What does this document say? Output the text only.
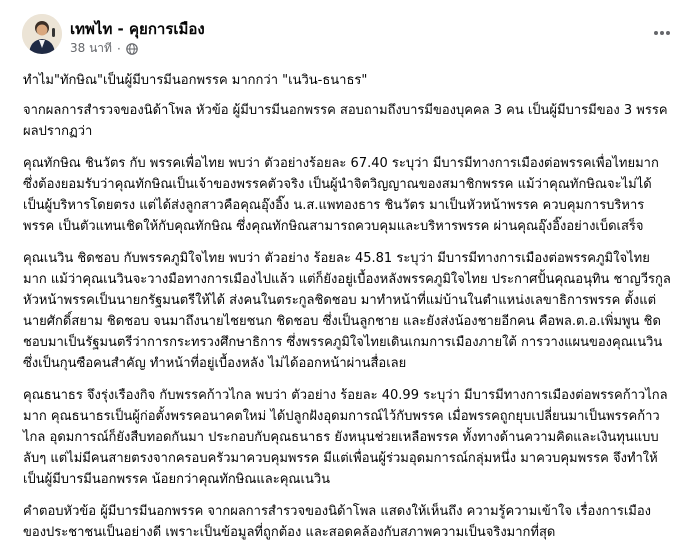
เทพไท - คุยการเมือง
38 นาที ·

ทำไม"ทักษิณ"เป็นผู้มีบารมีนอกพรรค มากกว่า "เนวิน-ธนาธร"

จากผลการสำรวจของนิด้าโพล หัวข้อ ผู้มีบารมีนอกพรรค สอบถามถึงบารมีของบุคคล 3 คน เป็นผู้มีบารมีของ 3 พรรค ผลปรากฏว่า

คุณทักษิณ ชินวัตร กับ พรรคเพื่อไทย พบว่า ตัวอย่างร้อยละ 67.40 ระบุว่า มีบารมีทางการเมืองต่อพรรคเพื่อไทยมาก ซึ่งต้องยอมรับว่าคุณทักษิณเป็นเจ้าของพรรคตัวจริง เป็นผู้นำจิตวิญญาณของสมาชิกพรรค แม้ว่าคุณทักษิณจะไม่ได้เป็นผู้บริหารโดยตรง แต่ได้ส่งลูกสาวคือคุณอุ๊งอิ๊ง น.ส.แพทองธาร ชินวัตร มาเป็นหัวหน้าพรรค ควบคุมการบริหารพรรค เป็นตัวแทนเชิดให้กับคุณทักษิณ ซึ่งคุณทักษิณสามารถควบคุมและบริหารพรรค ผ่านคุณอุ๊งอิ๊งอย่างเบ็ดเสร็จ

คุณเนวิน ชิดชอบ กับพรรคภูมิใจไทย พบว่า ตัวอย่าง ร้อยละ 45.81 ระบุว่า มีบารมีทางการเมืองต่อพรรคภูมิใจไทยมาก แม้ว่าคุณเนวินจะวางมือทางการเมืองไปแล้ว แต่ก็ยังอยู่เบื้องหลังพรรคภูมิใจไทย ประกาศปั้นคุณอนุทิน ชาญวีรกูล หัวหน้าพรรคเป็นนายกรัฐมนตรีให้ได้ ส่งคนในตระกูลชิดชอบ มาทำหน้าที่แม่บ้านในตำแหน่งเลขาธิการพรรค ตั้งแต่นายศักดิ์สยาม ชิดชอบ จนมาถึงนายไชยชนก ชิดชอบ ซึ่งเป็นลูกชาย และยังส่งน้องชายอีกคน คือพล.ต.อ.เพิ่มพูน ชิดชอบมาเป็นรัฐมนตรีว่าการกระทรวงศึกษาธิการ ซึ่งพรรคภูมิใจไทยเดินเกมการเมืองภายใต้ การวางแผนของคุณเนวิน ซึ่งเป็นกุนซือคนสำคัญ ทำหน้าที่อยู่เบื้องหลัง ไม่ได้ออกหน้าผ่านสื่อเลย

คุณธนาธร จึงรุ่งเรืองกิจ กับพรรคก้าวไกล พบว่า ตัวอย่าง ร้อยละ 40.99 ระบุว่า มีบารมีทางการเมืองต่อพรรคก้าวไกลมาก คุณธนาธรเป็นผู้ก่อตั้งพรรคอนาคตใหม่ ได้ปลูกฝังอุดมการณ์ไว้กับพรรค เมื่อพรรคถูกยุบเปลี่ยนมาเป็นพรรคก้าวไกล อุดมการณ์ก็ยังสืบทอดกันมา ประกอบกับคุณธนาธร ยังหนุนช่วยเหลือพรรค ทั้งทางด้านความคิดและเงินทุนแบบลับๆ แต่ไม่มีคนสายตรงจากครอบครัวมาควบคุมพรรค มีแต่เพื่อนผู้ร่วมอุดมการณ์กลุ่มหนึ่ง มาควบคุมพรรค จึงทำให้เป็นผู้มีบารมีนอกพรรค น้อยกว่าคุณทักษิณและคุณเนวิน

คำตอบหัวข้อ ผู้มีบารมีนอกพรรค จากผลการสำรวจของนิด้าโพล แสดงให้เห็นถึง ความรู้ความเข้าใจ เรื่องการเมืองของประชาชนเป็นอย่างดี เพราะเป็นข้อมูลที่ถูกต้อง และสอดคล้องกับสภาพความเป็นจริงมากที่สุด
